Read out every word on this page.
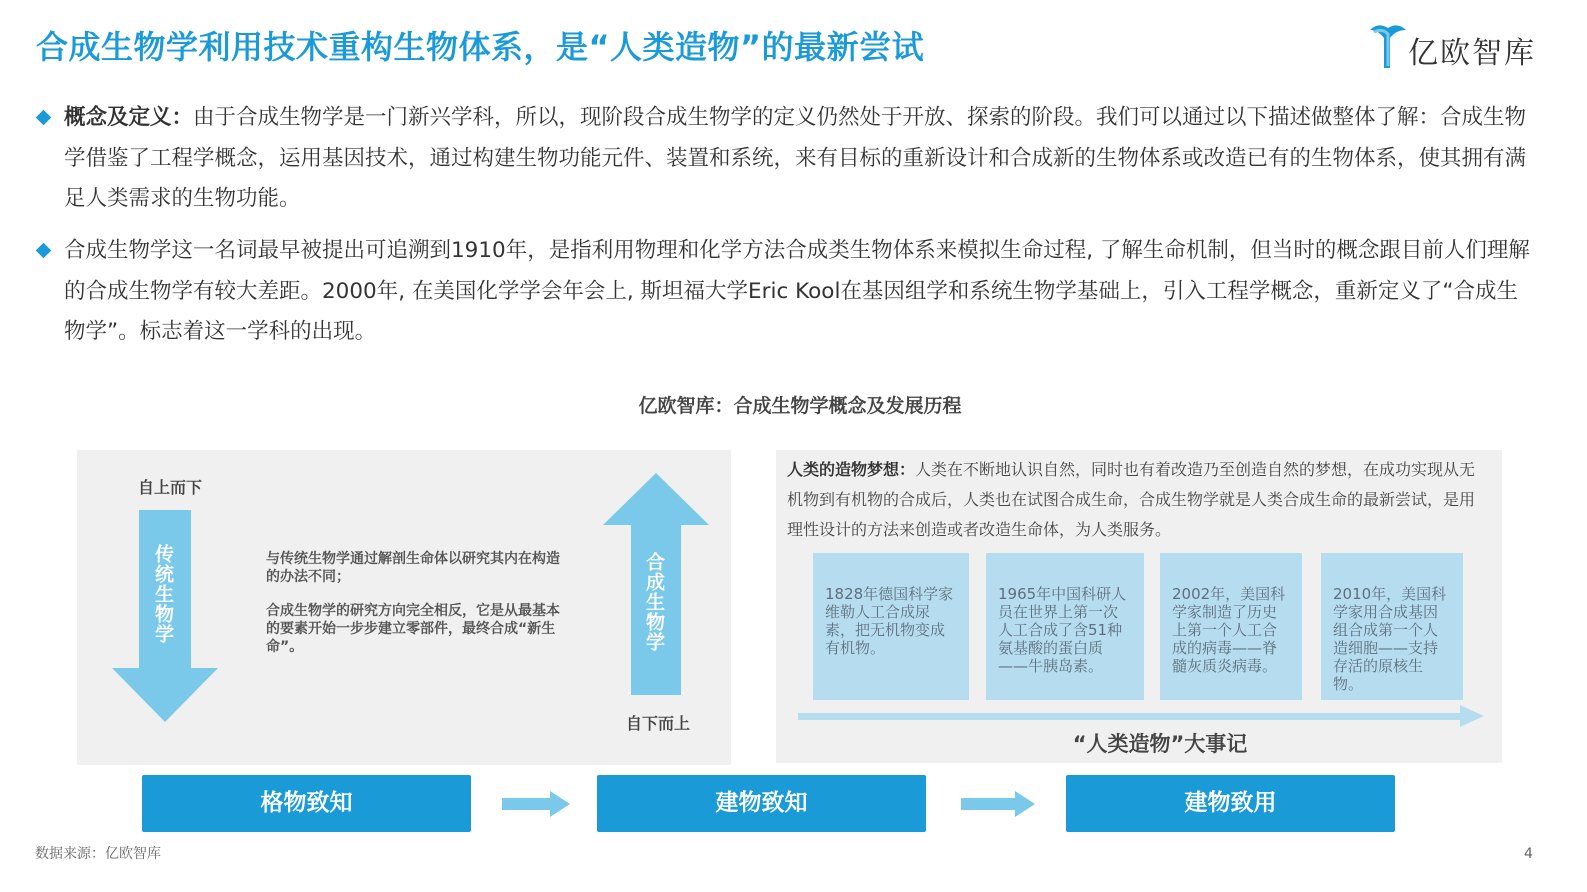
合成生物学利用技术重构生物体系，是“人类造物”的最新尝试	亿欧智库
概念及定义：由于合成生物学是一门新兴学科，所以，现阶段合成生物学的定义仍然处于开放、探索的阶段。我们可以通过以下描述做整体了解：合成生物学借鉴了工程学概念，运用基因技术，通过构建生物功能元件、装置和系统，来有目标的重新设计和合成新的生物体系或改造已有的生物体系，使其拥有满足人类需求的生物功能。
合成生物学这一名词最早被提出可追溯到1910年，是指利用物理和化学方法合成类生物体系来模拟生命过程, 了解生命机制，但当时的概念跟目前人们理解的合成生物学有较大差距。2000年, 在美国化学学会年会上, 斯坦福大学Eric Kool在基因组学和系统生物学基础上，引入工程学概念，重新定义了“合成生物学”。标志着这一学科的出现。
亿欧智库：合成生物学概念及发展历程
自上而下
传统生物学	与传统生物学通过解剖生命体以研究其内在构造的办法不同；
合成生物学的研究方向完全相反，它是从最基本的要素开始一步步建立零部件，最终合成“新生命”。	合成生物学
自下而上
人类的造物梦想：人类在不断地认识自然，同时也有着改造乃至创造自然的梦想，在成功实现从无机物到有机物的合成后，人类也在试图合成生命，合成生物学就是人类合成生命的最新尝试，是用理性设计的方法来创造或者改造生命体，为人类服务。
1828年德国科学家维勒人工合成尿素，把无机物变成有机物。
1965年中国科研人员在世界上第一次人工合成了含51种氨基酸的蛋白质——牛胰岛素。
2002年，美国科学家制造了历史上第一个人工合成的病毒——脊髓灰质炎病毒。
2010年，美国科学家用合成基因组合成第一个人造细胞——支持存活的原核生物。
“人类造物”大事记
格物致知	建物致知	建物致用
数据来源：亿欧智库	4
